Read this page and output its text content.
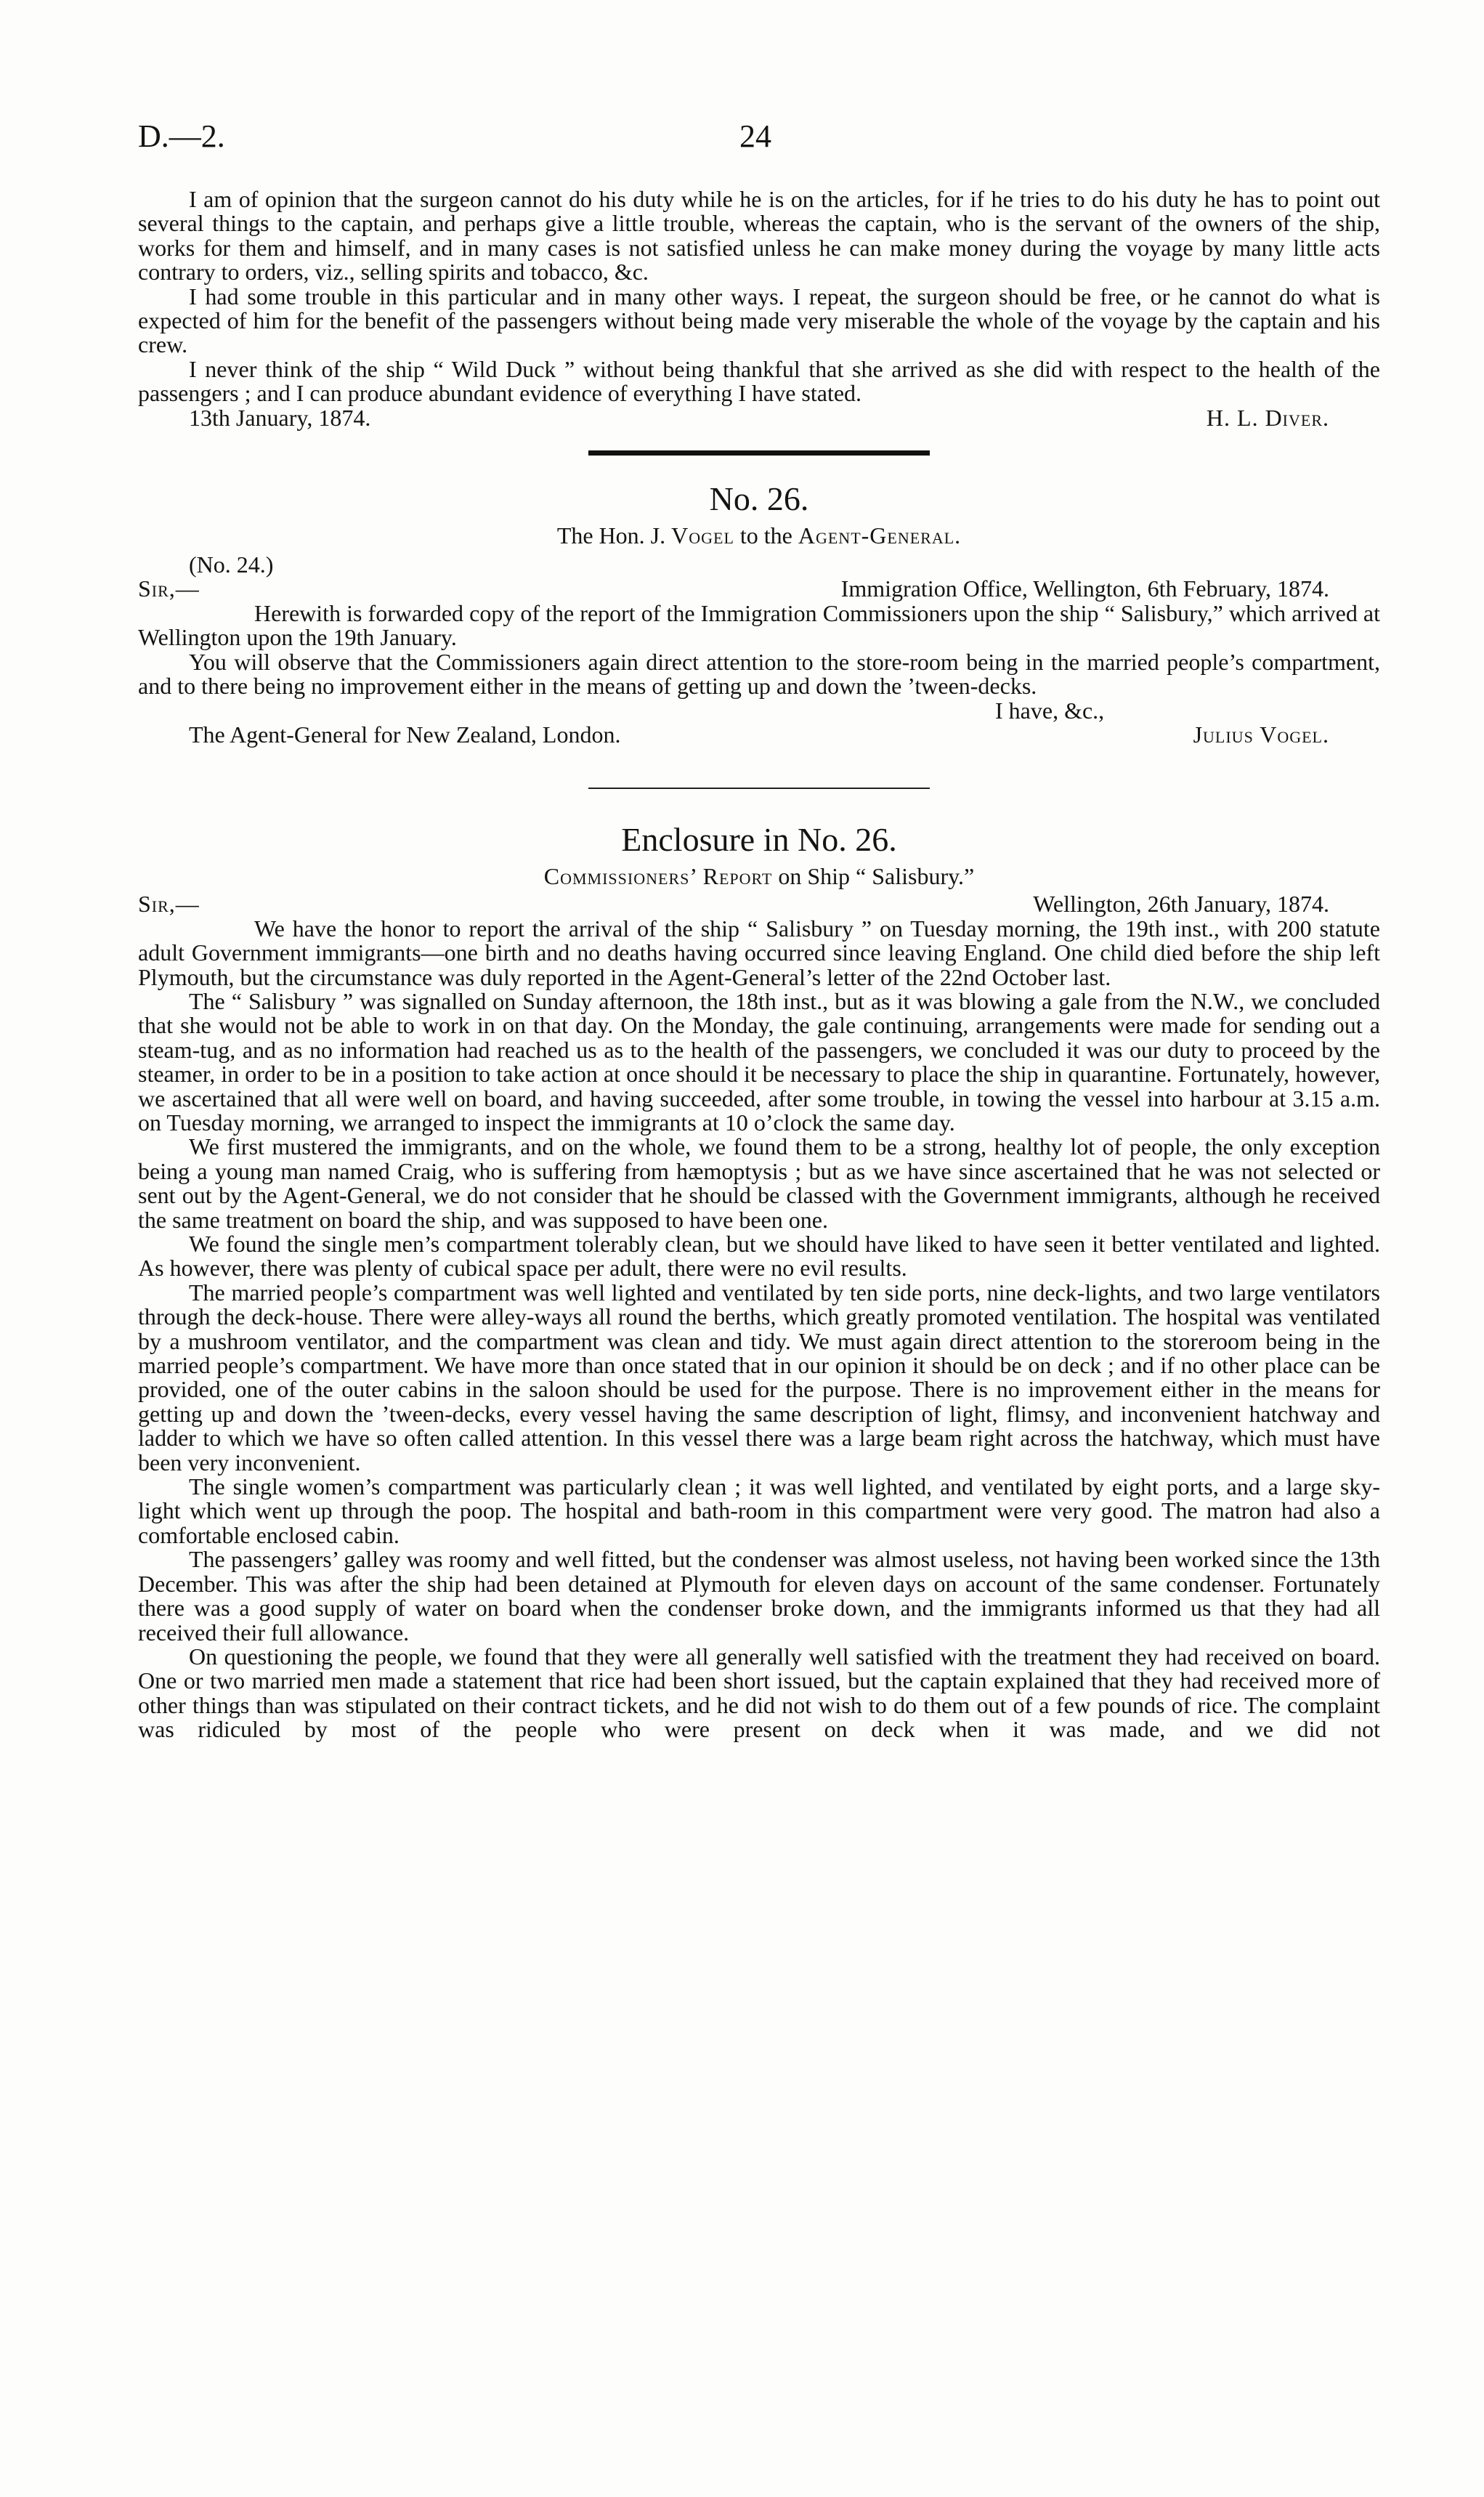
D.—2.	24

I am of opinion that the surgeon cannot do his duty while he is on the articles, for if he tries to do his duty he has to point out several things to the captain, and perhaps give a little trouble, whereas the captain, who is the servant of the owners of the ship, works for them and himself, and in many cases is not satisfied unless he can make money during the voyage by many little acts contrary to orders, viz., selling spirits and tobacco, &c.

I had some trouble in this particular and in many other ways. I repeat, the surgeon should be free, or he cannot do what is expected of him for the benefit of the passengers without being made very miserable the whole of the voyage by the captain and his crew.

I never think of the ship “ Wild Duck ” without being thankful that she arrived as she did with respect to the health of the passengers ; and I can produce abundant evidence of everything I have stated.

13th January, 1874.	H. L. Diver.
No. 26.
The Hon. J. Vogel to the Agent-General.
(No. 24.)
Sir,—	Immigration Office, Wellington, 6th February, 1874.

Herewith is forwarded copy of the report of the Immigration Commissioners upon the ship “ Salisbury,” which arrived at Wellington upon the 19th January.

You will observe that the Commissioners again direct attention to the store-room being in the married people’s compartment, and to there being no improvement either in the means of getting up and down the ’tween-decks.

I have, &c.,
The Agent-General for New Zealand, London.	Julius Vogel.
Enclosure in No. 26.
Commissioners’ Report on Ship “ Salisbury.”
Sir,—	Wellington, 26th January, 1874.

We have the honor to report the arrival of the ship “ Salisbury ” on Tuesday morning, the 19th inst., with 200 statute adult Government immigrants—one birth and no deaths having occurred since leaving England. One child died before the ship left Plymouth, but the circumstance was duly reported in the Agent-General’s letter of the 22nd October last.

The “ Salisbury ” was signalled on Sunday afternoon, the 18th inst., but as it was blowing a gale from the N.W., we concluded that she would not be able to work in on that day. On the Monday, the gale continuing, arrangements were made for sending out a steam-tug, and as no information had reached us as to the health of the passengers, we concluded it was our duty to proceed by the steamer, in order to be in a position to take action at once should it be necessary to place the ship in quarantine. Fortunately, however, we ascertained that all were well on board, and having succeeded, after some trouble, in towing the vessel into harbour at 3.15 a.m. on Tuesday morning, we arranged to inspect the immigrants at 10 o’clock the same day.

We first mustered the immigrants, and on the whole, we found them to be a strong, healthy lot of people, the only exception being a young man named Craig, who is suffering from hæmoptysis ; but as we have since ascertained that he was not selected or sent out by the Agent-General, we do not consider that he should be classed with the Government immigrants, although he received the same treatment on board the ship, and was supposed to have been one.

We found the single men’s compartment tolerably clean, but we should have liked to have seen it better ventilated and lighted. As however, there was plenty of cubical space per adult, there were no evil results.

The married people’s compartment was well lighted and ventilated by ten side ports, nine deck-lights, and two large ventilators through the deck-house. There were alley-ways all round the berths, which greatly promoted ventilation. The hospital was ventilated by a mushroom ventilator, and the compartment was clean and tidy. We must again direct attention to the storeroom being in the married people’s compartment. We have more than once stated that in our opinion it should be on deck ; and if no other place can be provided, one of the outer cabins in the saloon should be used for the purpose. There is no improvement either in the means for getting up and down the ’tween-decks, every vessel having the same description of light, flimsy, and inconvenient hatchway and ladder to which we have so often called attention. In this vessel there was a large beam right across the hatchway, which must have been very inconvenient.

The single women’s compartment was particularly clean ; it was well lighted, and ventilated by eight ports, and a large sky-light which went up through the poop. The hospital and bath-room in this compartment were very good. The matron had also a comfortable enclosed cabin.

The passengers’ galley was roomy and well fitted, but the condenser was almost useless, not having been worked since the 13th December. This was after the ship had been detained at Plymouth for eleven days on account of the same condenser. Fortunately there was a good supply of water on board when the condenser broke down, and the immigrants informed us that they had all received their full allowance.

On questioning the people, we found that they were all generally well satisfied with the treatment they had received on board. One or two married men made a statement that rice had been short issued, but the captain explained that they had received more of other things than was stipulated on their contract tickets, and he did not wish to do them out of a few pounds of rice. The complaint was ridiculed by most of the people who were present on deck when it was made, and we did not
